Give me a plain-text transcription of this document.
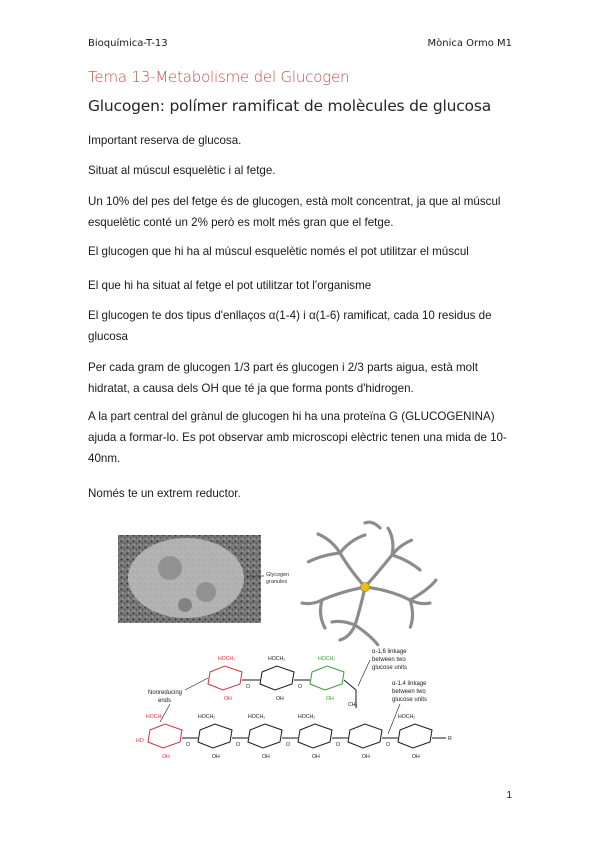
Bioquímica-T-13	Mònica Ormo M1
Tema 13-Metabolisme del Glucogen
Glucogen: polímer ramificat de molècules de glucosa
Important reserva de glucosa.
Situat al múscul esquelètic i al fetge.
Un 10% del pes del fetge és de glucogen, està molt concentrat, ja que al múscul esquelètic conté un 2% però es molt més gran que el fetge.
El glucogen que hi ha al múscul esquelètic només el pot utilitzar el múscul
El que hi ha situat al fetge el pot utilitzar tot l'organisme
El glucogen te dos tipus d'enllaços α(1-4) i α(1-6) ramificat, cada 10 residus de glucosa
Per cada gram de glucogen 1/3 part és glucogen i 2/3 parts aigua, està molt hidratat, a causa dels OH que té ja que forma ponts d'hidrogen.
A la part central del grànul de glucogen hi ha una proteïna G (GLUCOGENINA) ajuda a formar-lo. Es pot observar amb microscopi elèctric tenen una mida de 10-40nm.
Només te un extrem reductor.
Glycogen
granules
HOCH₂	HOCH₂	HOCH₂
OH	OH	OH
O	O
CH₂
HOCH₂	HOCH₂	HOCH₂	HOCH₂	HOCH₂
HO
OH	OH	OH	OH	OH	OH
O	O	O	O	O
R
Nonreducing
ends
α-1,6 linkage
between two
glucose units
α-1,4 linkage
between two
glucose units
1
